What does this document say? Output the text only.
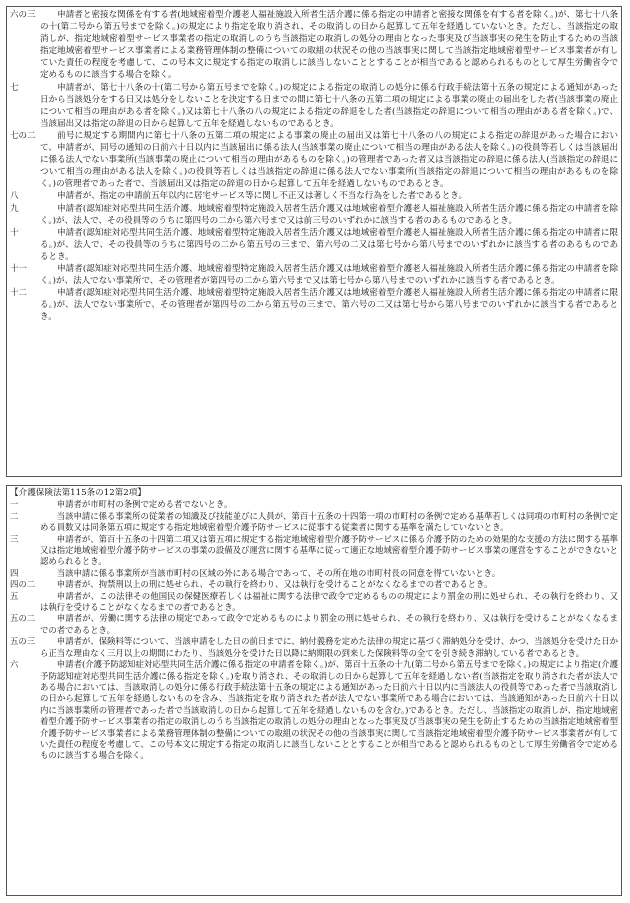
六の三	申請者と密接な関係を有する者(地域密着型介護老人福祉施設入所者生活介護に係る指定の申請者と密接な関係を有する者を除く。)が、第七十八条の十(第二号から第五号までを除く。)の規定により指定を取り消され、その取消しの日から起算して五年を経過していないとき。ただし、当該指定の取消しが、指定地域密着型サービス事業者の指定の取消しのうち当該指定の取消しの処分の理由となった事実及び当該事実の発生を防止するための当該指定地域密着型サービス事業者による業務管理体制の整備についての取組の状況その他の当該事実に関して当該指定地域密着型サービス事業者が有していた責任の程度を考慮して、この号本文に規定する指定の取消しに該当しないこととすることが相当であると認められるものとして厚生労働省令で定めるものに該当する場合を除く。
七	申請者が、第七十八条の十(第二号から第五号までを除く。)の規定による指定の取消しの処分に係る行政手続法第十五条の規定による通知があった日から当該処分をする日又は処分をしないことを決定する日までの間に第七十八条の五第二項の規定による事業の廃止の届出をした者(当該事業の廃止について相当の理由がある者を除く。)又は第七十八条の八の規定による指定の辞退をした者(当該指定の辞退について相当の理由がある者を除く。)で、当該届出又は指定の辞退の日から起算して五年を経過しないものであるとき。
七の二	前号に規定する期間内に第七十八条の五第二項の規定による事業の廃止の届出又は第七十八条の八の規定による指定の辞退があった場合において、申請者が、同号の通知の日前六十日以内に当該届出に係る法人(当該事業の廃止について相当の理由がある法人を除く。)の役員等若しくは当該届出に係る法人でない事業所(当該事業の廃止について相当の理由があるものを除く。)の管理者であった者又は当該指定の辞退に係る法人(当該指定の辞退について相当の理由がある法人を除く。)の役員等若しくは当該指定の辞退に係る法人でない事業所(当該指定の辞退について相当の理由があるものを除く。)の管理者であった者で、当該届出又は指定の辞退の日から起算して五年を経過しないものであるとき。
八	申請者が、指定の申請前五年以内に居宅サービス等に関し不正又は著しく不当な行為をした者であるとき。
九	申請者(認知症対応型共同生活介護、地域密着型特定施設入居者生活介護又は地域密着型介護老人福祉施設入所者生活介護に係る指定の申請者を除く。)が、法人で、その役員等のうちに第四号の二から第六号まで又は前三号のいずれかに該当する者のあるものであるとき。
十	申請者(認知症対応型共同生活介護、地域密着型特定施設入居者生活介護又は地域密着型介護老人福祉施設入所者生活介護に係る指定の申請者に限る。)が、法人で、その役員等のうちに第四号の二から第五号の三まで、第六号の二又は第七号から第八号までのいずれかに該当する者のあるものであるとき。
十一	申請者(認知症対応型共同生活介護、地域密着型特定施設入居者生活介護又は地域密着型介護老人福祉施設入所者生活介護に係る指定の申請者を除く。)が、法人でない事業所で、その管理者が第四号の二から第六号まで又は第七号から第八号までのいずれかに該当する者であるとき。
十二	申請者(認知症対応型共同生活介護、地域密着型特定施設入居者生活介護又は地域密着型介護老人福祉施設入所者生活介護に係る指定の申請者に限る。)が、法人でない事業所で、その管理者が第四号の二から第五号の三まで、第六号の二又は第七号から第八号までのいずれかに該当する者であるとき。
【介護保険法第115条の12第2項】
一	申請者が市町村の条例で定める者でないとき。
二	当該申請に係る事業所の従業者の知識及び技能並びに人員が、第百十五条の十四第一項の市町村の条例で定める基準若しくは同項の市町村の条例で定める員数又は同条第五項に規定する指定地域密着型介護予防サービスに従事する従業者に関する基準を満たしていないとき。
三	申請者が、第百十五条の十四第二項又は第五項に規定する指定地域密着型介護予防サービスに係る介護予防のための効果的な支援の方法に関する基準又は指定地域密着型介護予防サービスの事業の設備及び運営に関する基準に従って適正な地域密着型介護予防サービス事業の運営をすることができないと認められるとき。
四	当該申請に係る事業所が当該市町村の区域の外にある場合であって、その所在地の市町村長の同意を得ていないとき。
四の二	申請者が、拘禁刑以上の刑に処せられ、その執行を終わり、又は執行を受けることがなくなるまでの者であるとき。
五	申請者が、この法律その他国民の保健医療若しくは福祉に関する法律で政令で定めるものの規定により罰金の刑に処せられ、その執行を終わり、又は執行を受けることがなくなるまでの者であるとき。
五の二	申請者が、労働に関する法律の規定であって政令で定めるものにより罰金の刑に処せられ、その執行を終わり、又は執行を受けることがなくなるまでの者であるとき。
五の三	申請者が、保険料等について、当該申請をした日の前日までに、納付義務を定めた法律の規定に基づく滞納処分を受け、かつ、当該処分を受けた日から正当な理由なく三月以上の期間にわたり、当該処分を受けた日以降に納期限の到来した保険料等の全てを引き続き滞納している者であるとき。
六	申請者(介護予防認知症対応型共同生活介護に係る指定の申請者を除く。)が、第百十五条の十九(第二号から第五号までを除く。)の規定により指定(介護予防認知症対応型共同生活介護に係る指定を除く。)を取り消され、その取消しの日から起算して五年を経過しない者(当該指定を取り消された者が法人である場合においては、当該取消しの処分に係る行政手続法第十五条の規定による通知があった日前六十日以内に当該法人の役員等であった者で当該取消しの日から起算して五年を経過しないものを含み、当該指定を取り消された者が法人でない事業所である場合においては、当該通知があった日前六十日以内に当該事業所の管理者であった者で当該取消しの日から起算して五年を経過しないものを含む。)であるとき。ただし、当該指定の取消しが、指定地域密着型介護予防サービス事業者の指定の取消しのうち当該指定の取消しの処分の理由となった事実及び当該事実の発生を防止するための当該指定地域密着型介護予防サービス事業者による業務管理体制の整備についての取組の状況その他の当該事実に関して当該指定地域密着型介護予防サービス事業者が有していた責任の程度を考慮して、この号本文に規定する指定の取消しに該当しないこととすることが相当であると認められるものとして厚生労働省令で定めるものに該当する場合を除く。
